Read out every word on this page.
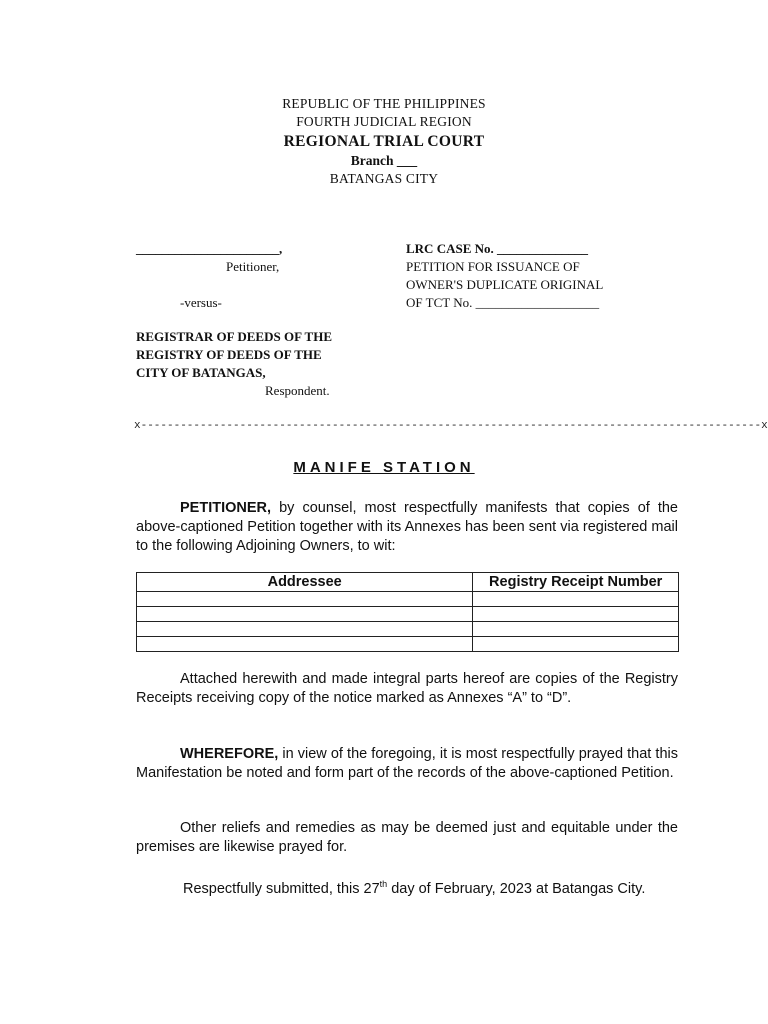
REPUBLIC OF THE PHILIPPINES
FOURTH JUDICIAL REGION
REGIONAL TRIAL COURT
Branch ___
BATANGAS CITY
______________________,
Petitioner,
-versus-
REGISTRAR OF DEEDS OF THE
REGISTRY OF DEEDS OF THE
CITY OF BATANGAS,
Respondent.
LRC CASE No. ______________
PETITION FOR ISSUANCE OF
OWNER'S DUPLICATE ORIGINAL
OF TCT No. ___________________
x----------------------------------------------------------------------------------------------x
MANIFE STATION
PETITIONER, by counsel, most respectfully manifests that copies of the above-captioned Petition together with its Annexes has been sent via registered mail to the following Adjoining Owners, to wit:
Addressee	Registry Receipt Number

Attached herewith and made integral parts hereof are copies of the Registry Receipts receiving copy of the notice marked as Annexes “A” to “D”.
WHEREFORE, in view of the foregoing, it is most respectfully prayed that this Manifestation be noted and form part of the records of the above-captioned Petition.
Other reliefs and remedies as may be deemed just and equitable under the premises are likewise prayed for.
Respectfully submitted, this 27th day of February, 2023 at Batangas City.
